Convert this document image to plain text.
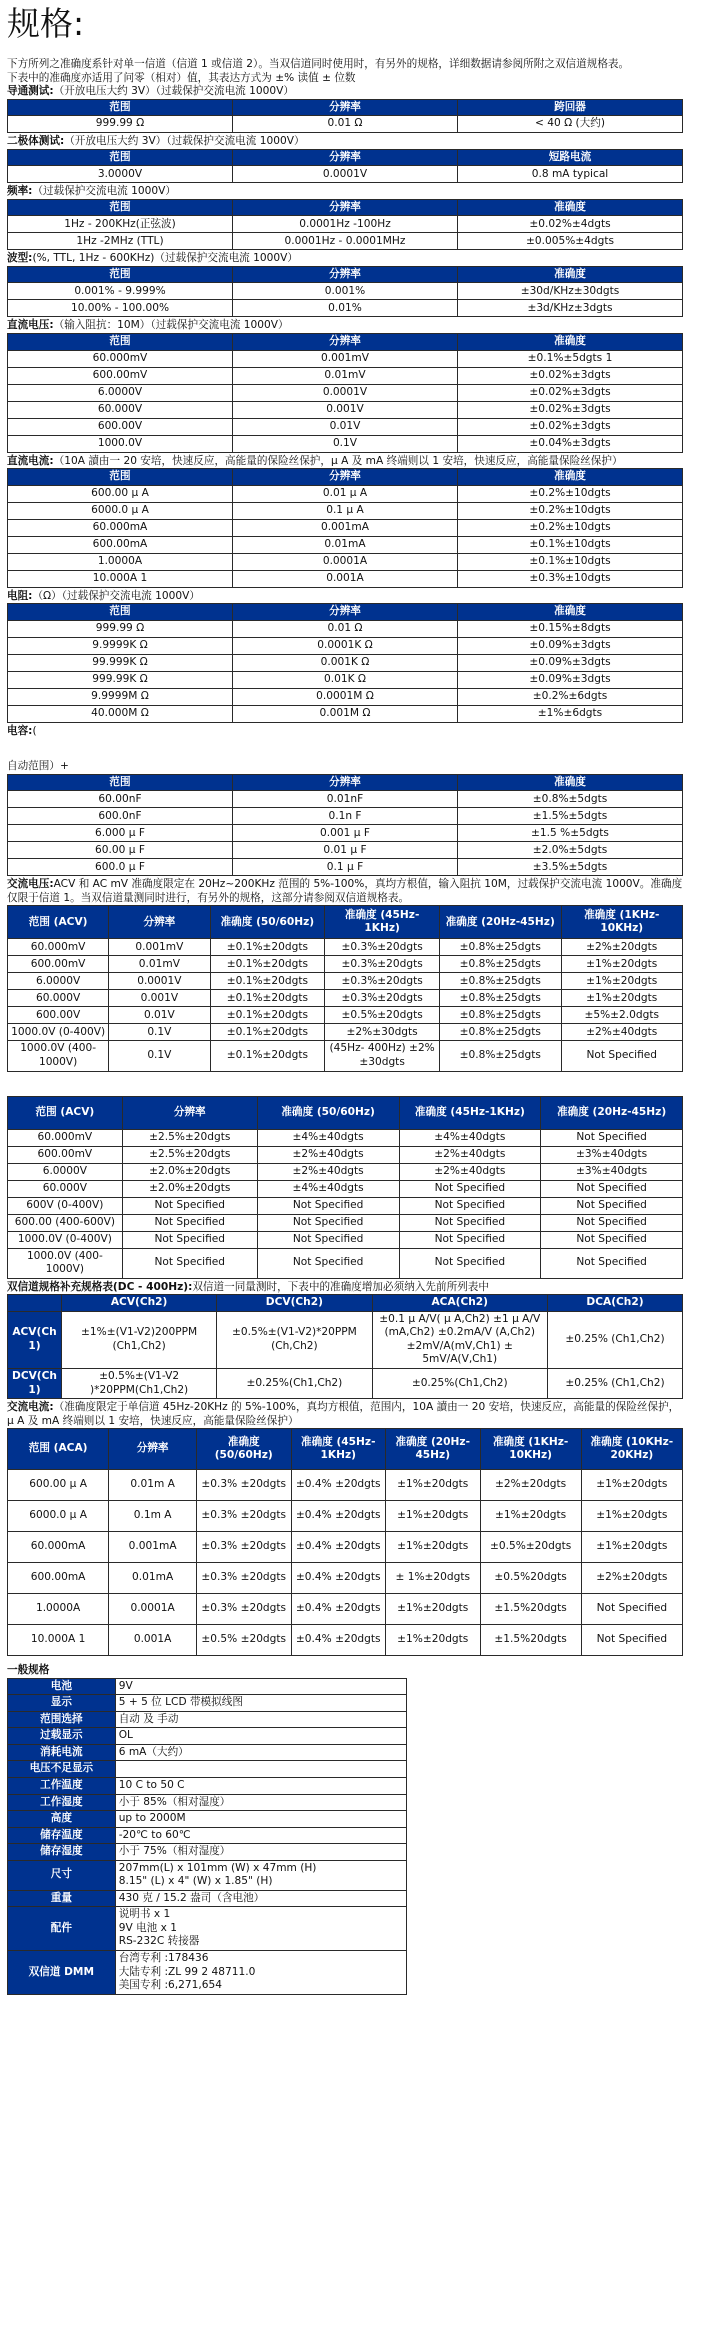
规格:

下方所列之准确度系针对单一信道（信道 1 或信道 2）。当双信道同时使用时，有另外的规格，详细数据请参阅所附之双信道规格表。

下表中的准确度亦适用了问零（相对）值，其表达方式为 ±% 读值 ± 位数

导通测试:（开放电压大约 3V）（过载保护交流电流 1000V）

范围	分辨率	跨回器
999.99 Ω	0.01 Ω	< 40 Ω (大约)

二极体测试:（开放电压大约 3V）（过载保护交流电流 1000V）

范围	分辨率	短路电流
3.0000V	0.0001V	0.8 mA typical

频率:（过载保护交流电流 1000V）

范围	分辨率	准确度
1Hz - 200KHz(正弦波)	0.0001Hz -100Hz	±0.02%±4dgts
1Hz -2MHz (TTL)	0.0001Hz - 0.0001MHz	±0.005%±4dgts

波型:(%, TTL, 1Hz - 600KHz)（过载保护交流电流 1000V）

范围	分辨率	准确度
0.001% - 9.999%	0.001%	±30d/KHz±30dgts
10.00% - 100.00%	0.01%	±3d/KHz±3dgts

直流电压:（输入阻抗：10M）（过载保护交流电流 1000V）

范围	分辨率	准确度
60.000mV	0.001mV	±0.1%±5dgts 1
600.00mV	0.01mV	±0.02%±3dgts
6.0000V	0.0001V	±0.02%±3dgts
60.000V	0.001V	±0.02%±3dgts
600.00V	0.01V	±0.02%±3dgts
1000.0V	0.1V	±0.04%±3dgts

直流电流:（10A 讀由一 20 安培，快速反应，高能量的保险丝保护，μ A 及 mA 终端则以 1 安培，快速反应，高能量保险丝保护）

范围	分辨率	准确度
600.00 μ A	0.01 μ A	±0.2%±10dgts
6000.0 μ A	0.1 μ A	±0.2%±10dgts
60.000mA	0.001mA	±0.2%±10dgts
600.00mA	0.01mA	±0.1%±10dgts
1.0000A	0.0001A	±0.1%±10dgts
10.000A 1	0.001A	±0.3%±10dgts

电阻:（Ω）（过载保护交流电流 1000V）

范围	分辨率	准确度
999.99 Ω	0.01 Ω	±0.15%±8dgts
9.9999K Ω	0.0001K Ω	±0.09%±3dgts
99.999K Ω	0.001K Ω	±0.09%±3dgts
999.99K Ω	0.01K Ω	±0.09%±3dgts
9.9999M Ω	0.0001M Ω	±0.2%±6dgts
40.000M Ω	0.001M Ω	±1%±6dgts

电容:(

自动范围）+

范围	分辨率	准确度
60.00nF	0.01nF	±0.8%±5dgts
600.0nF	0.1n F	±1.5%±5dgts
6.000 μ F	0.001 μ F	±1.5 %±5dgts
60.00 μ F	0.01 μ F	±2.0%±5dgts
600.0 μ F	0.1 μ F	±3.5%±5dgts

交流电压:ACV 和 AC mV 准确度限定在 20Hz~200KHz 范围的 5%-100%，真均方根值，输入阻抗 10M，过载保护交流电流 1000V。准确度仅限于信道 1。当双信道量测同时进行，有另外的规格，这部分请参阅双信道规格表。

范围 (ACV)	分辨率	准确度 (50/60Hz)	准确度 (45Hz-1KHz)	准确度 (20Hz-45Hz)	准确度 (1KHz-10KHz)
60.000mV	0.001mV	±0.1%±20dgts	±0.3%±20dgts	±0.8%±25dgts	±2%±20dgts
600.00mV	0.01mV	±0.1%±20dgts	±0.3%±20dgts	±0.8%±25dgts	±1%±20dgts
6.0000V	0.0001V	±0.1%±20dgts	±0.3%±20dgts	±0.8%±25dgts	±1%±20dgts
60.000V	0.001V	±0.1%±20dgts	±0.3%±20dgts	±0.8%±25dgts	±1%±20dgts
600.00V	0.01V	±0.1%±20dgts	±0.5%±20dgts	±0.8%±25dgts	±5%±2.0dgts
1000.0V (0-400V)	0.1V	±0.1%±20dgts	±2%±30dgts	±0.8%±25dgts	±2%±40dgts
1000.0V (400-1000V)	0.1V	±0.1%±20dgts	(45Hz- 400Hz) ±2%±30dgts	±0.8%±25dgts	Not Specified
范围 (ACV)	分辨率	准确度 (50/60Hz)	准确度 (45Hz-1KHz)	准确度 (20Hz-45Hz)
60.000mV	±2.5%±20dgts	±4%±40dgts	±4%±40dgts	Not Specified
600.00mV	±2.5%±20dgts	±2%±40dgts	±2%±40dgts	±3%±40dgts
6.0000V	±2.0%±20dgts	±2%±40dgts	±2%±40dgts	±3%±40dgts
60.000V	±2.0%±20dgts	±4%±40dgts	Not Specified	Not Specified
600V (0-400V)	Not Specified	Not Specified	Not Specified	Not Specified
600.00 (400-600V)	Not Specified	Not Specified	Not Specified	Not Specified
1000.0V (0-400V)	Not Specified	Not Specified	Not Specified	Not Specified
1000.0V (400-1000V)	Not Specified	Not Specified	Not Specified	Not Specified

双信道规格补充规格表(DC - 400Hz):双信道一同量测时，下表中的准确度增加必须纳入先前所列表中

	ACV(Ch2)	DCV(Ch2)	ACA(Ch2)	DCA(Ch2)
ACV(Ch1)	±1%±(V1-V2)200PPM (Ch1,Ch2)	±0.5%±(V1-V2)*20PPM (Ch,Ch2)	±0.1 μ A/V( μ A,Ch2) ±1 μ A/V (mA,Ch2) ±0.2mA/V (A,Ch2) ±2mV/A(mV,Ch1) ± 5mV/A(V,Ch1)	±0.25% (Ch1,Ch2)
DCV(Ch1)	±0.5%±(V1-V2 )*20PPM(Ch1,Ch2)	±0.25%(Ch1,Ch2)	±0.25%(Ch1,Ch2)	±0.25% (Ch1,Ch2)

交流电流:（准确度限定于单信道 45Hz-20KHz 的 5%-100%，真均方根值，范围内，10A 讀由一 20 安培，快速反应，高能量的保险丝保护，μ A 及 mA 终端则以 1 安培，快速反应，高能量保险丝保护）

范围 (ACA)	分辨率	准确度 (50/60Hz)	准确度 (45Hz-1KHz)	准确度 (20Hz-45Hz)	准确度 (1KHz-10KHz)	准确度 (10KHz-20KHz)
600.00 μ A	0.01m A	±0.3% ±20dgts	±0.4% ±20dgts	±1%±20dgts	±2%±20dgts	±1%±20dgts
6000.0 μ A	0.1m A	±0.3% ±20dgts	±0.4% ±20dgts	±1%±20dgts	±1%±20dgts	±1%±20dgts
60.000mA	0.001mA	±0.3% ±20dgts	±0.4% ±20dgts	±1%±20dgts	±0.5%±20dgts	±1%±20dgts
600.00mA	0.01mA	±0.3% ±20dgts	±0.4% ±20dgts	± 1%±20dgts	±0.5%20dgts	±2%±20dgts
1.0000A	0.0001A	±0.3% ±20dgts	±0.4% ±20dgts	±1%±20dgts	±1.5%20dgts	Not Specified
10.000A 1	0.001A	±0.5% ±20dgts	±0.4% ±20dgts	±1%±20dgts	±1.5%20dgts	Not Specified

一般规格

电池	9V

显示	5 + 5 位 LCD 带模拟线图

范围选择	自动 及 手动

过载显示	OL

消耗电流	6 mA（大约）

电压不足显示	

工作温度	10 C to 50 C

工作湿度	小于 85%（相对湿度）

高度	up to 2000M

储存温度	-20℃ to 60℃

储存湿度	小于 75%（相对湿度）

尺寸	207mm(L) x 101mm (W) x 47mm (H)
8.15" (L) x 4" (W) x 1.85" (H)

重量	430 克 / 15.2 盎司（含电池）

配件	说明书 x 1
9V 电池 x 1
RS-232C 转接器

双信道 DMM	台湾专利 :178436
大陆专利 :ZL 99 2 48711.0
美国专利 :6,271,654
